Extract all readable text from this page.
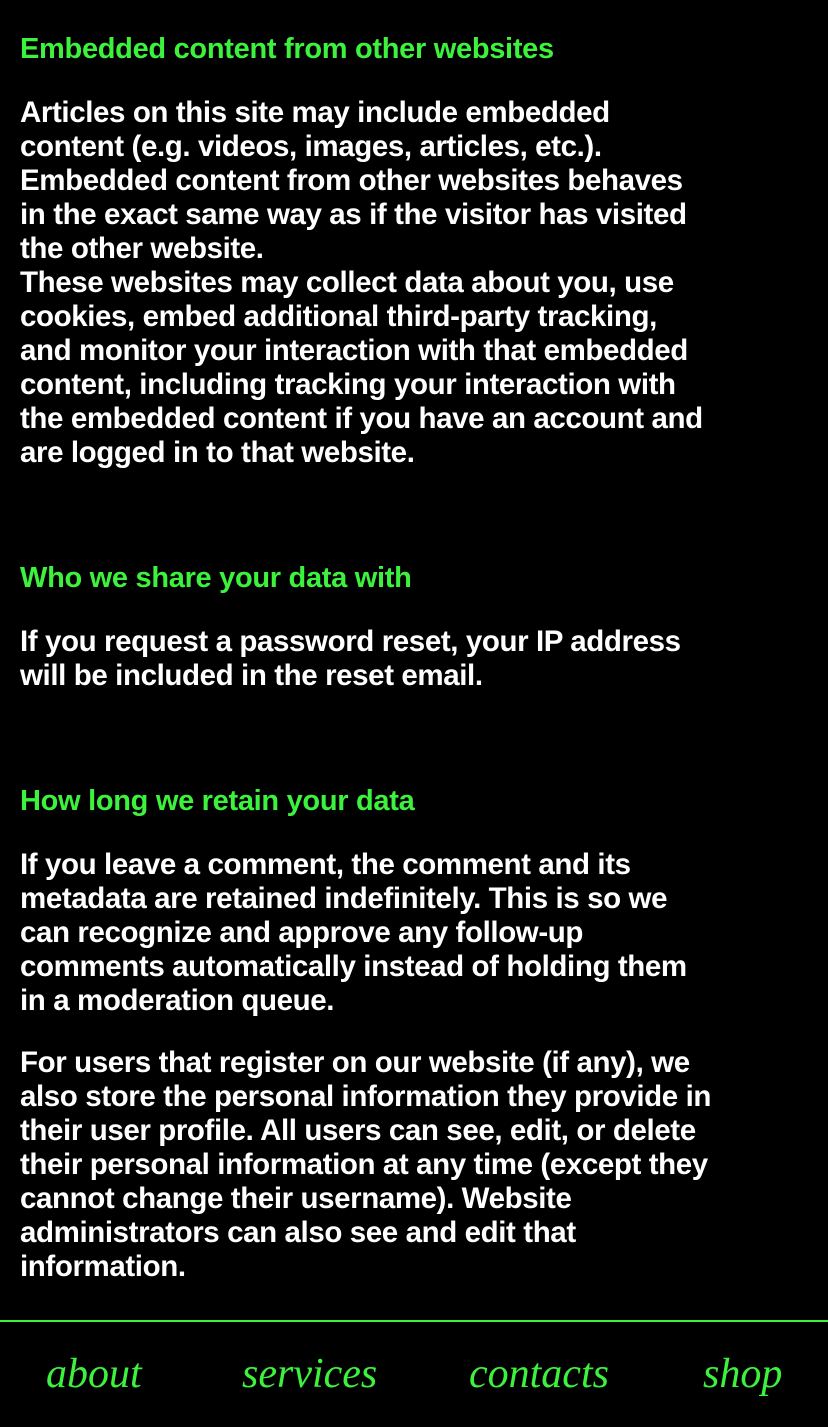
Embedded content from other websites

Articles on this site may include embedded
content (e.g. videos, images, articles, etc.).
Embedded content from other websites behaves
in the exact same way as if the visitor has visited
the other website.
These websites may collect data about you, use
cookies, embed additional third-party tracking,
and monitor your interaction with that embedded
content, including tracking your interaction with
the embedded content if you have an account and
are logged in to that website.

Who we share your data with

If you request a password reset, your IP address
will be included in the reset email.

How long we retain your data

If you leave a comment, the comment and its
metadata are retained indefinitely. This is so we
can recognize and approve any follow-up
comments automatically instead of holding them
in a moderation queue.

For users that register on our website (if any), we
also store the personal information they provide in
their user profile. All users can see, edit, or delete
their personal information at any time (except they
cannot change their username). Website
administrators can also see and edit that
information.

about services contacts shop
